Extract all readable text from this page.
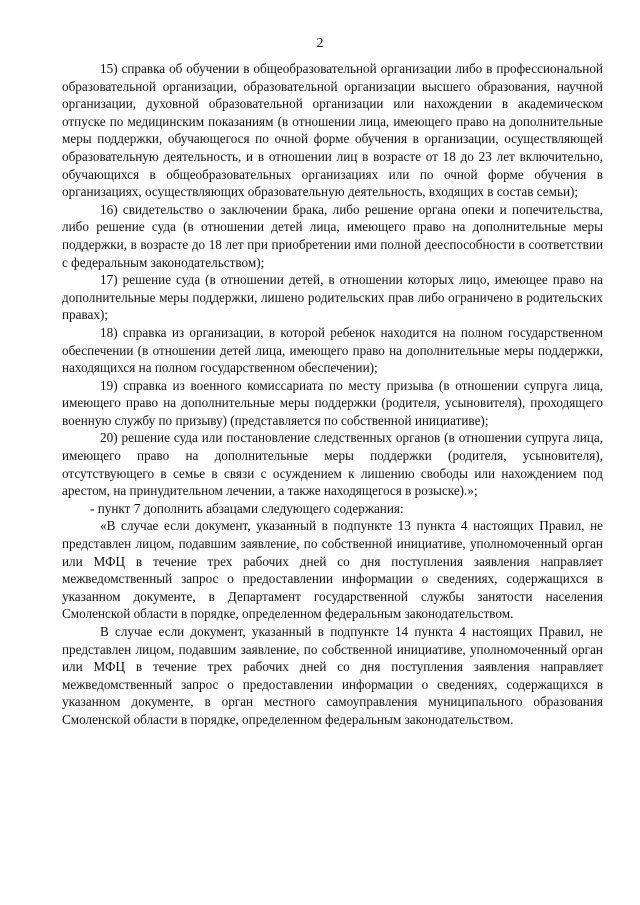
2

15) справка об обучении в общеобразовательной организации либо в профессиональной образовательной организации, образовательной организации высшего образования, научной организации, духовной образовательной организации или нахождении в академическом отпуске по медицинским показаниям (в отношении лица, имеющего право на дополнительные меры поддержки, обучающегося по очной форме обучения в организации, осуществляющей образовательную деятельность, и в отношении лиц в возрасте от 18 до 23 лет включительно, обучающихся в общеобразовательных организациях или по очной форме обучения в организациях, осуществляющих образовательную деятельность, входящих в состав семьи);

16) свидетельство о заключении брака, либо решение органа опеки и попечительства, либо решение суда (в отношении детей лица, имеющего право на дополнительные меры поддержки, в возрасте до 18 лет при приобретении ими полной дееспособности в соответствии с федеральным законодательством);

17) решение суда (в отношении детей, в отношении которых лицо, имеющее право на дополнительные меры поддержки, лишено родительских прав либо ограничено в родительских правах);

18) справка из организации, в которой ребенок находится на полном государственном обеспечении (в отношении детей лица, имеющего право на дополнительные меры поддержки, находящихся на полном государственном обеспечении);

19) справка из военного комиссариата по месту призыва (в отношении супруга лица, имеющего право на дополнительные меры поддержки (родителя, усыновителя), проходящего военную службу по призыву) (представляется по собственной инициативе);

20) решение суда или постановление следственных органов (в отношении супруга лица, имеющего право на дополнительные меры поддержки (родителя, усыновителя), отсутствующего в семье в связи с осуждением к лишению свободы или нахождением под арестом, на принудительном лечении, а также находящегося в розыске).»;

- пункт 7 дополнить абзацами следующего содержания:

«В случае если документ, указанный в подпункте 13 пункта 4 настоящих Правил, не представлен лицом, подавшим заявление, по собственной инициативе, уполномоченный орган или МФЦ в течение трех рабочих дней со дня поступления заявления направляет межведомственный запрос о предоставлении информации о сведениях, содержащихся в указанном документе, в Департамент государственной службы занятости населения Смоленской области в порядке, определенном федеральным законодательством.

В случае если документ, указанный в подпункте 14 пункта 4 настоящих Правил, не представлен лицом, подавшим заявление, по собственной инициативе, уполномоченный орган или МФЦ в течение трех рабочих дней со дня поступления заявления направляет межведомственный запрос о предоставлении информации о сведениях, содержащихся в указанном документе, в орган местного самоуправления муниципального образования Смоленской области в порядке, определенном федеральным законодательством.
